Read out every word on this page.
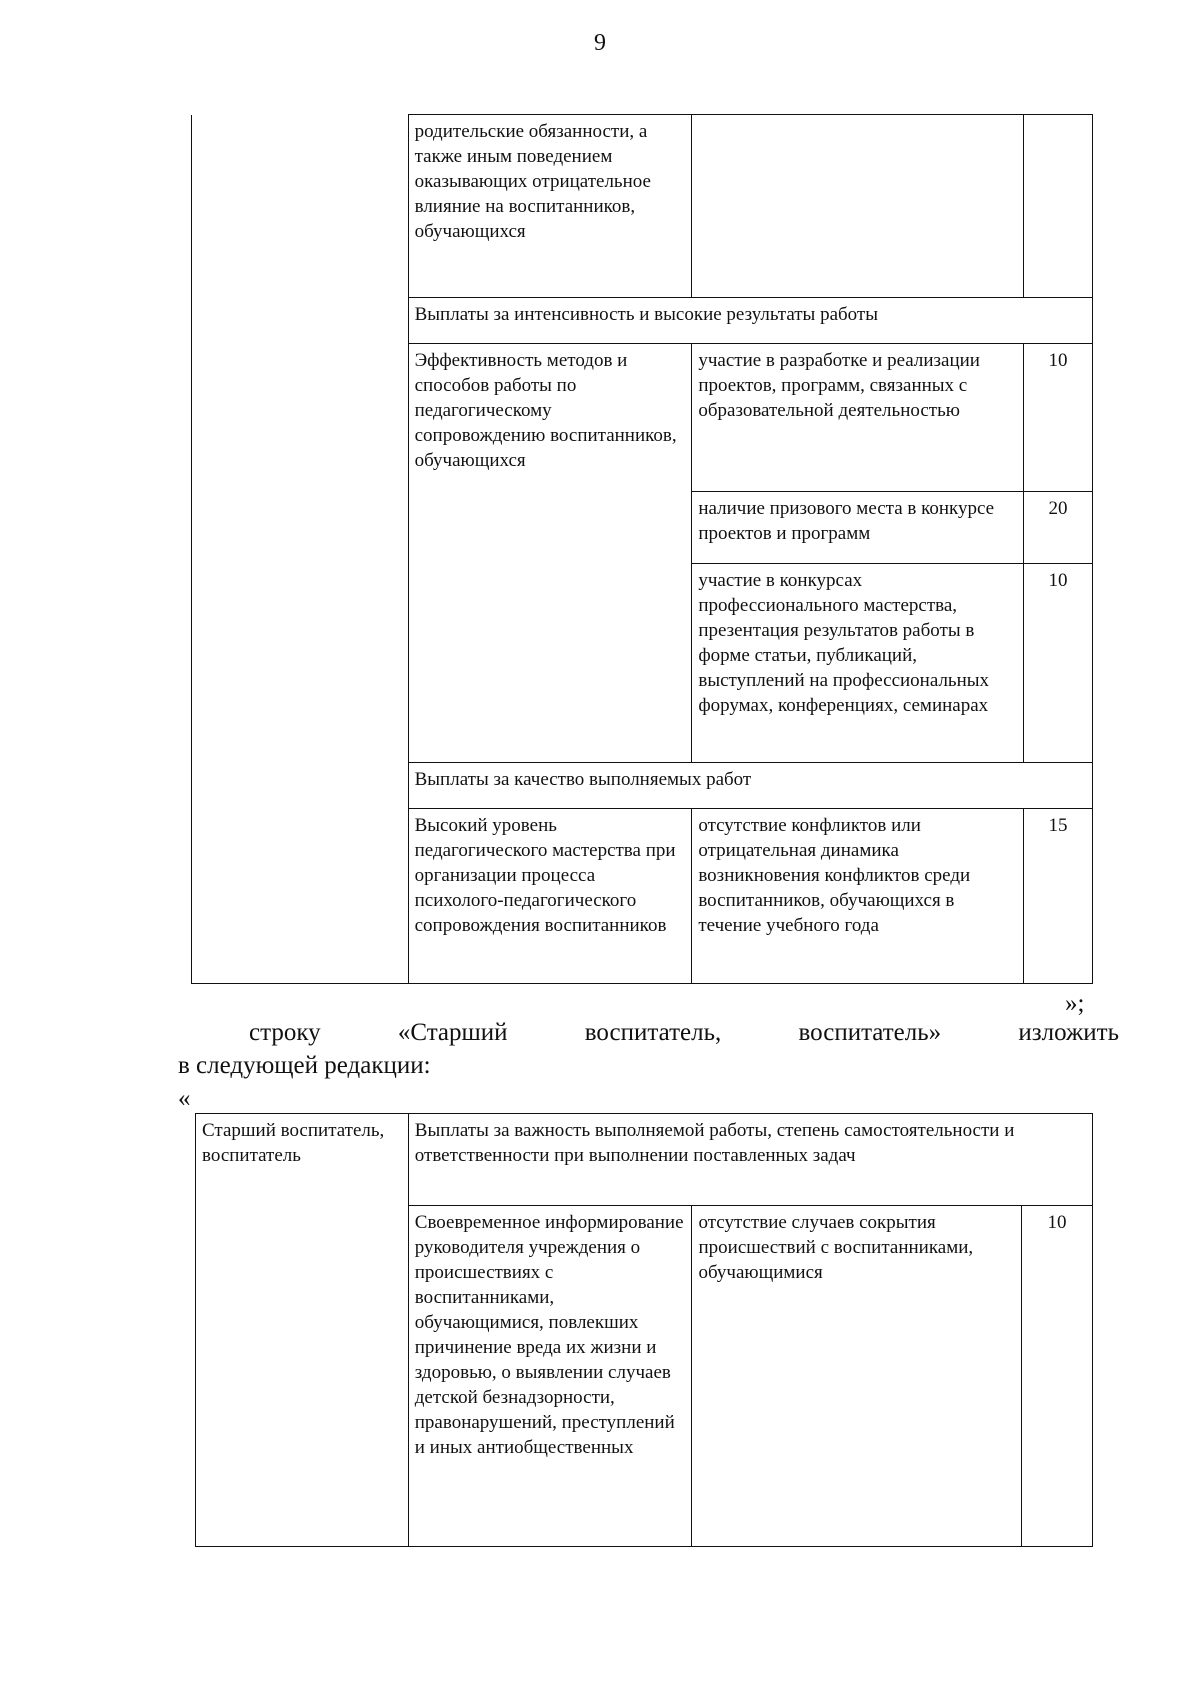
9
	родительские обязанности, а также иным поведением оказывающих отрицательное влияние на воспитанников, обучающихся		
	Выплаты за интенсивность и высокие результаты работы		
	Эффективность методов и способов работы по педагогическому сопровождению воспитанников, обучающихся	участие в разработке и реализации проектов, программ, связанных с образовательной деятельностью	10
		наличие призового места в конкурсе проектов и программ	20
		участие в конкурсах профессионального мастерства, презентация результатов работы в форме статьи, публикаций, выступлений на профессиональных форумах, конференциях, семинарах	10
	Выплаты за качество выполняемых работ		
	Высокий уровень педагогического мастерства при организации процесса психолого-педагогического сопровождения воспитанников	отсутствие конфликтов или отрицательная динамика возникновения конфликтов среди воспитанников, обучающихся в течение учебного года	15
»;
строку	«Старший	воспитатель,	воспитатель»	изложить
в следующей редакции:
«
Старший воспитатель, воспитатель	Выплаты за важность выполняемой работы, степень самостоятельности и ответственности при выполнении поставленных задач		
	Своевременное информирование руководителя учреждения о происшествиях с воспитанниками, обучающимися, повлекших причинение вреда их жизни и здоровью, о выявлении случаев детской безнадзорности, правонарушений, преступлений и иных антиобщественных	отсутствие случаев сокрытия происшествий с воспитанниками, обучающимися	10
